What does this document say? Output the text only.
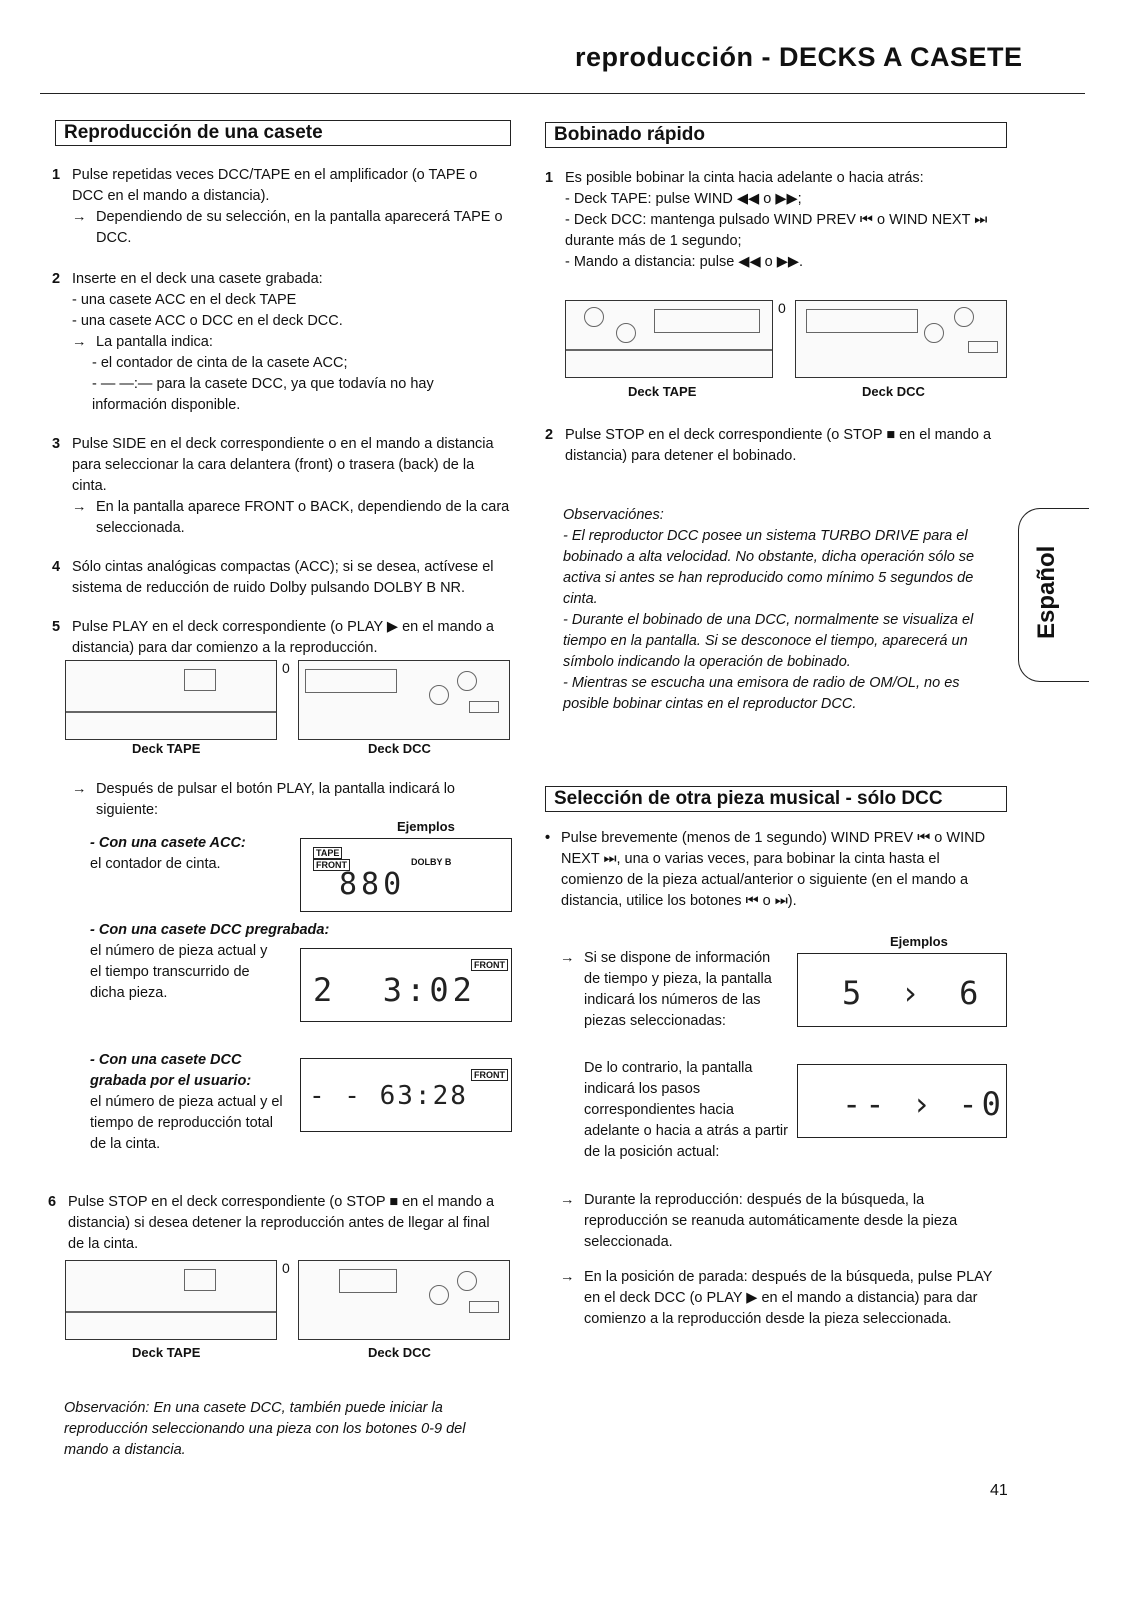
reproducción - DECKS A CASETE
Reproducción de una casete
1 Pulse repetidas veces DCC/TAPE en el amplificador (o TAPE o DCC en el mando a distancia).
→ Dependiendo de su selección, en la pantalla aparecerá TAPE o DCC.
2 Inserte en el deck una casete grabada:
- una casete ACC en el deck TAPE
- una casete ACC o DCC en el deck DCC.
→ La pantalla indica:
- el contador de cinta de la casete ACC;
- — —:— para la casete DCC, ya que todavía no hay información disponible.
3 Pulse SIDE en el deck correspondiente o en el mando a distancia para seleccionar la cara delantera (front) o trasera (back) de la cinta.
→ En la pantalla aparece FRONT o BACK, dependiendo de la cara seleccionada.
4 Sólo cintas analógicas compactas (ACC); si se desea, actívese el sistema de reducción de ruido Dolby pulsando DOLBY B NR.
5 Pulse PLAY en el deck correspondiente (o PLAY ▶ en el mando a distancia) para dar comienzo a la reproducción.
0
Deck TAPE	Deck DCC
→ Después de pulsar el botón PLAY, la pantalla indicará lo siguiente:
Ejemplos
- Con una casete ACC:
el contador de cinta.
TAPE
FRONT	DOLBY B
880
- Con una casete DCC pregrabada:
el número de pieza actual y el tiempo transcurrido de dicha pieza.
FRONT
2  3:02
- Con una casete DCC grabada por el usuario:
el número de pieza actual y el tiempo de reproducción total de la cinta.
FRONT
- - 63:28
6 Pulse STOP en el deck correspondiente (o STOP ■ en el mando a distancia) si desea detener la reproducción antes de llegar al final de la cinta.
0
Deck TAPE	Deck DCC
Observación: En una casete DCC, también puede iniciar la reproducción seleccionando una pieza con los botones 0-9 del mando a distancia.
Bobinado rápido
1 Es posible bobinar la cinta hacia adelante o hacia atrás:
- Deck TAPE: pulse WIND ◀◀ o ▶▶;
- Deck DCC: mantenga pulsado WIND PREV ⏮ o WIND NEXT ⏭ durante más de 1 segundo;
- Mando a distancia: pulse ◀◀ o ▶▶.
0
Deck TAPE	Deck DCC
2 Pulse STOP en el deck correspondiente (o STOP ■ en el mando a distancia) para detener el bobinado.
Observaciónes:
- El reproductor DCC posee un sistema TURBO DRIVE para el bobinado a alta velocidad. No obstante, dicha operación sólo se activa si antes se han reproducido como mínimo 5 segundos de cinta.
- Durante el bobinado de una DCC, normalmente se visualiza el tiempo en la pantalla. Si se desconoce el tiempo, aparecerá un símbolo indicando la operación de bobinado.
- Mientras se escucha una emisora de radio de OM/OL, no es posible bobinar cintas en el reproductor DCC.
Selección de otra pieza musical - sólo DCC
• Pulse brevemente (menos de 1 segundo) WIND PREV ⏮ o WIND NEXT ⏭, una o varias veces, para bobinar la cinta hasta el comienzo de la pieza actual/anterior o siguiente (en el mando a distancia, utilice los botones ⏮ o ⏭).
Ejemplos
→ Si se dispone de información de tiempo y pieza, la pantalla indicará los números de las piezas seleccionadas:
5 › 6
De lo contrario, la pantalla indicará los pasos correspondientes hacia adelante o hacia a atrás a partir de la posición actual:
-- › -0
→ Durante la reproducción: después de la búsqueda, la reproducción se reanuda automáticamente desde la pieza seleccionada.
→ En la posición de parada: después de la búsqueda, pulse PLAY en el deck DCC (o PLAY ▶ en el mando a distancia) para dar comienzo a la reproducción desde la pieza seleccionada.
Español
41
